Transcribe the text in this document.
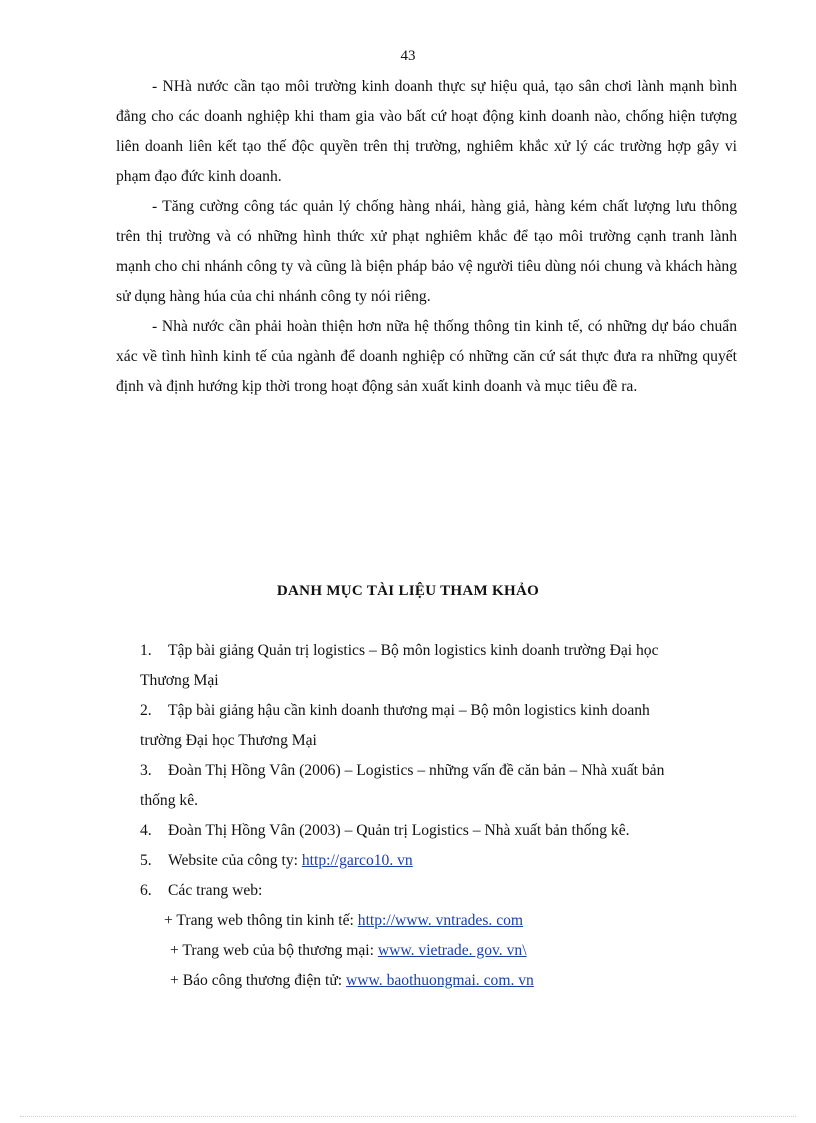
43

- NHà nước cần tạo môi trường kinh doanh thực sự hiệu quả, tạo sân chơi lành mạnh bình đẳng cho các doanh nghiệp khi tham gia vào bất cứ hoạt động kinh doanh nào, chống hiện tượng liên doanh liên kết tạo thế độc quyền trên thị trường, nghiêm khắc xử lý các trường hợp gây vi phạm đạo đức kinh doanh.

- Tăng cường công tác quản lý chống hàng nhái, hàng giả, hàng kém chất lượng lưu thông trên thị trường và có những hình thức xử phạt nghiêm khắc để tạo môi trường cạnh tranh lành mạnh cho chi nhánh công ty và cũng là biện pháp bảo vệ người tiêu dùng nói chung và khách hàng sử dụng hàng húa của chi nhánh công ty nói riêng.

- Nhà nước cần phải hoàn thiện hơn nữa hệ thống thông tin kinh tế, có những dự báo chuẩn xác về tình hình kinh tế của ngành để doanh nghiệp có những căn cứ sát thực đưa ra những quyết định và định hướng kịp thời trong hoạt động sản xuất kinh doanh và mục tiêu đề ra.

DANH MỤC TÀI LIỆU THAM KHẢO
1.	Tập bài giảng Quản trị logistics – Bộ môn logistics kinh doanh trường Đại học
Thương Mại
2.	Tập bài giảng hậu cần kinh doanh thương mại – Bộ môn logistics kinh doanh
trường Đại học Thương Mại
3.	Đoàn Thị Hồng Vân (2006) – Logistics – những vấn đề căn bản – Nhà xuất bản
thống kê.
4.	Đoàn Thị Hồng Vân (2003) – Quản trị Logistics – Nhà xuất bản thống kê.
5.	Website của công ty: http://garco10. vn
6.	Các trang web:
+ Trang web thông tin kinh tế: http://www. vntrades. com
+ Trang web của bộ thương mại: www. vietrade. gov. vn\
+ Báo công thương điện tử: www. baothuongmai. com. vn
